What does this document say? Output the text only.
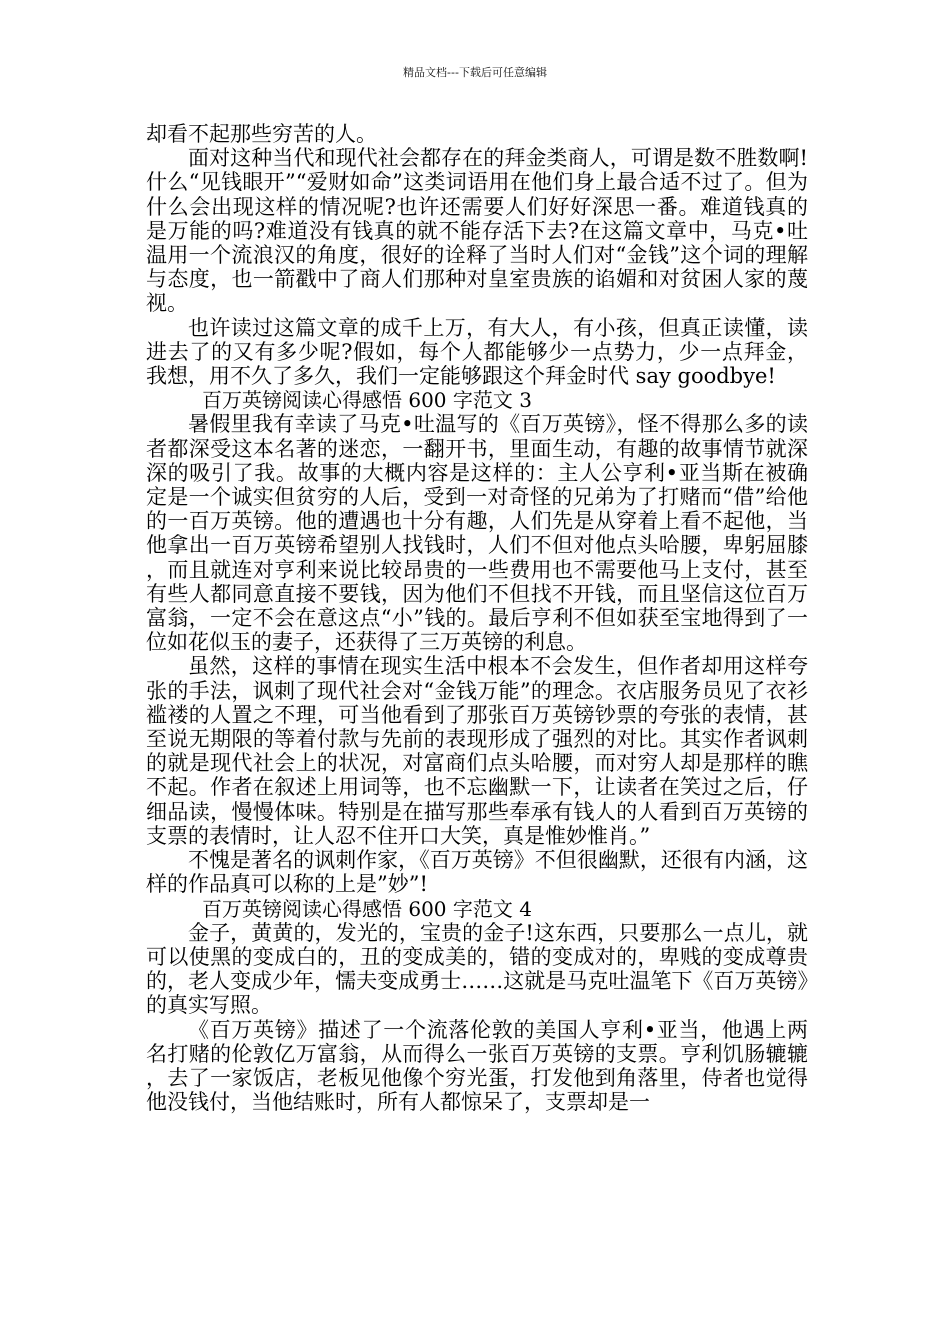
精品文档---下载后可任意编辑

却看不起那些穷苦的人。

面对这种当代和现代社会都存在的拜金类商人，可谓是数不胜数啊!什么“见钱眼开”“爱财如命”这类词语用在他们身上最合适不过了。但为什么会出现这样的情况呢?也许还需要人们好好深思一番。难道钱真的是万能的吗?难道没有钱真的就不能存活下去?在这篇文章中，马克•吐温用一个流浪汉的角度，很好的诠释了当时人们对“金钱”这个词的理解与态度，也一箭戳中了商人们那种对皇室贵族的谄媚和对贫困人家的蔑视。

也许读过这篇文章的成千上万，有大人，有小孩，但真正读懂，读进去了的又有多少呢?假如，每个人都能够少一点势力，少一点拜金，我想，用不久了多久，我们一定能够跟这个拜金时代 say goodbye!

百万英镑阅读心得感悟 600 字范文 3

暑假里我有幸读了马克•吐温写的《百万英镑》，怪不得那么多的读者都深受这本名著的迷恋，一翻开书，里面生动，有趣的故事情节就深深的吸引了我。故事的大概内容是这样的：主人公亨利•亚当斯在被确定是一个诚实但贫穷的人后，受到一对奇怪的兄弟为了打赌而“借”给他的一百万英镑。他的遭遇也十分有趣，人们先是从穿着上看不起他，当他拿出一百万英镑希望别人找钱时，人们不但对他点头哈腰，卑躬屈膝，而且就连对亨利来说比较昂贵的一些费用也不需要他马上支付，甚至有些人都同意直接不要钱，因为他们不但找不开钱，而且坚信这位百万富翁，一定不会在意这点“小”钱的。最后亨利不但如获至宝地得到了一位如花似玉的妻子，还获得了三万英镑的利息。

虽然，这样的事情在现实生活中根本不会发生，但作者却用这样夸张的手法，讽刺了现代社会对“金钱万能”的理念。衣店服务员见了衣衫褴褛的人置之不理，可当他看到了那张百万英镑钞票的夸张的表情，甚至说无期限的等着付款与先前的表现形成了强烈的对比。其实作者讽刺的就是现代社会上的状况，对富商们点头哈腰，而对穷人却是那样的瞧不起。作者在叙述上用词等，也不忘幽默一下，让读者在笑过之后，仔细品读，慢慢体味。特别是在描写那些奉承有钱人的人看到百万英镑的支票的表情时，让人忍不住开口大笑，真是惟妙惟肖。”

不愧是著名的讽刺作家，《百万英镑》不但很幽默，还很有内涵，这样的作品真可以称的上是”妙”!

百万英镑阅读心得感悟 600 字范文 4

金子，黄黄的，发光的，宝贵的金子!这东西，只要那么一点儿，就可以使黑的变成白的，丑的变成美的，错的变成对的，卑贱的变成尊贵的，老人变成少年，懦夫变成勇士……这就是马克吐温笔下《百万英镑》的真实写照。

《百万英镑》描述了一个流落伦敦的美国人亨利•亚当，他遇上两名打赌的伦敦亿万富翁，从而得么一张百万英镑的支票。亨利饥肠辘辘，去了一家饭店，老板见他像个穷光蛋，打发他到角落里，侍者也觉得他没钱付，当他结账时，所有人都惊呆了，支票却是一
